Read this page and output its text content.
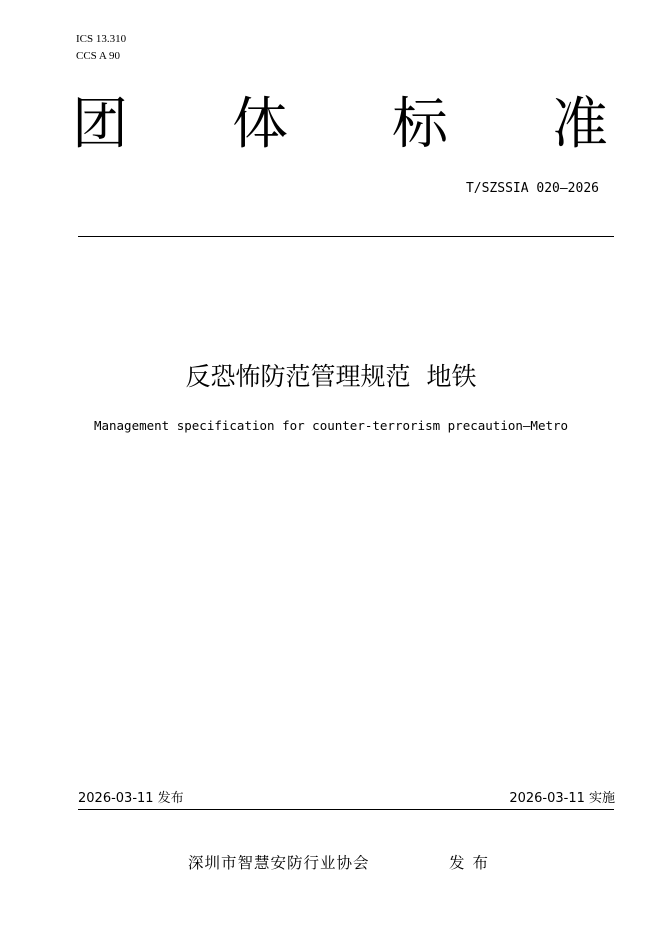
ICS 13.310
CCS A 90
团 体 标 准
T/SZSSIA 020—2026
反恐怖防范管理规范  地铁
Management specification for counter-terrorism precaution—Metro
2026-03-11 发布	2026-03-11 实施
深圳市智慧安防行业协会	发布
